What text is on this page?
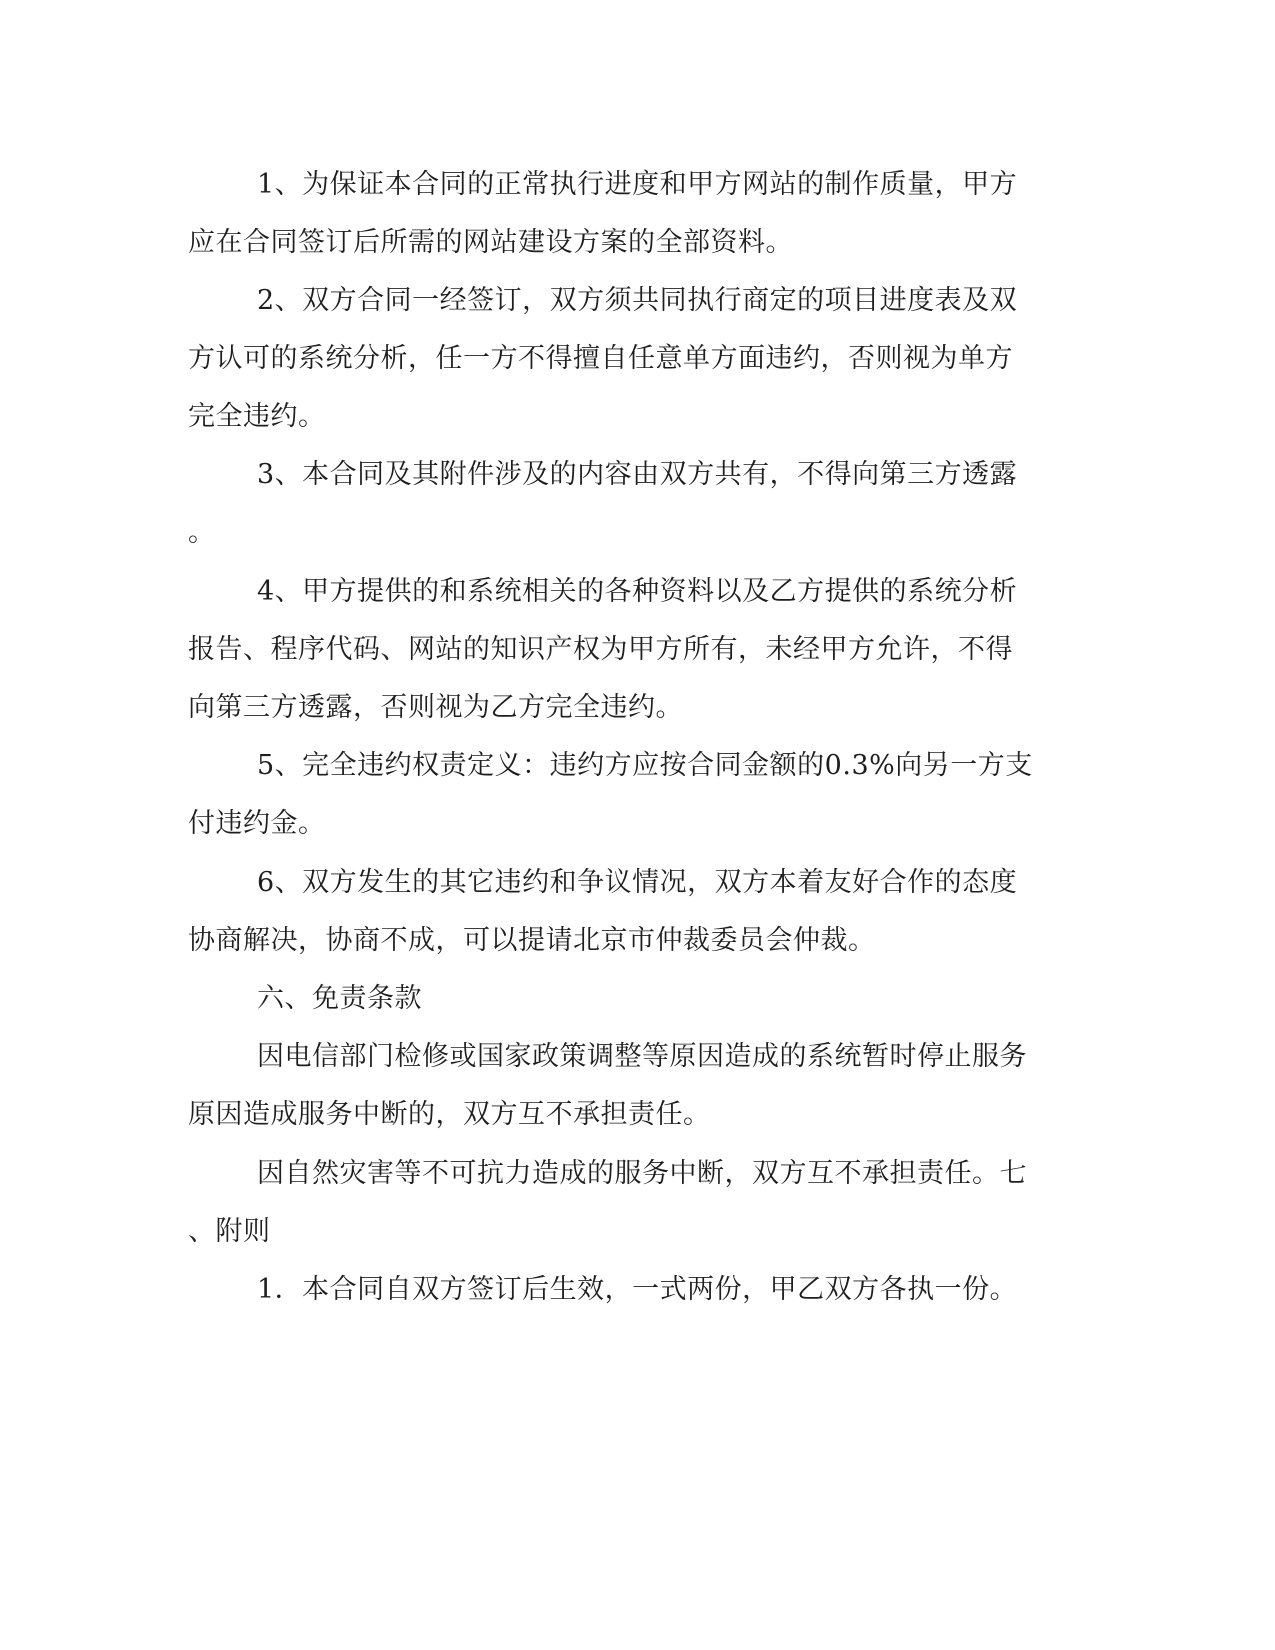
1、为保证本合同的正常执行进度和甲方网站的制作质量，甲方

应在合同签订后所需的网站建设方案的全部资料。

2、双方合同一经签订，双方须共同执行商定的项目进度表及双

方认可的系统分析，任一方不得擅自任意单方面违约，否则视为单方

完全违约。

3、本合同及其附件涉及的内容由双方共有，不得向第三方透露

。

4、甲方提供的和系统相关的各种资料以及乙方提供的系统分析

报告、程序代码、网站的知识产权为甲方所有，未经甲方允许，不得

向第三方透露，否则视为乙方完全违约。

5、完全违约权责定义：违约方应按合同金额的0.3%向另一方支

付违约金。

6、双方发生的其它违约和争议情况，双方本着友好合作的态度

协商解决，协商不成，可以提请北京市仲裁委员会仲裁。

六、免责条款

因电信部门检修或国家政策调整等原因造成的系统暂时停止服务

原因造成服务中断的，双方互不承担责任。

因自然灾害等不可抗力造成的服务中断，双方互不承担责任。七

、附则

1．本合同自双方签订后生效，一式两份，甲乙双方各执一份。
